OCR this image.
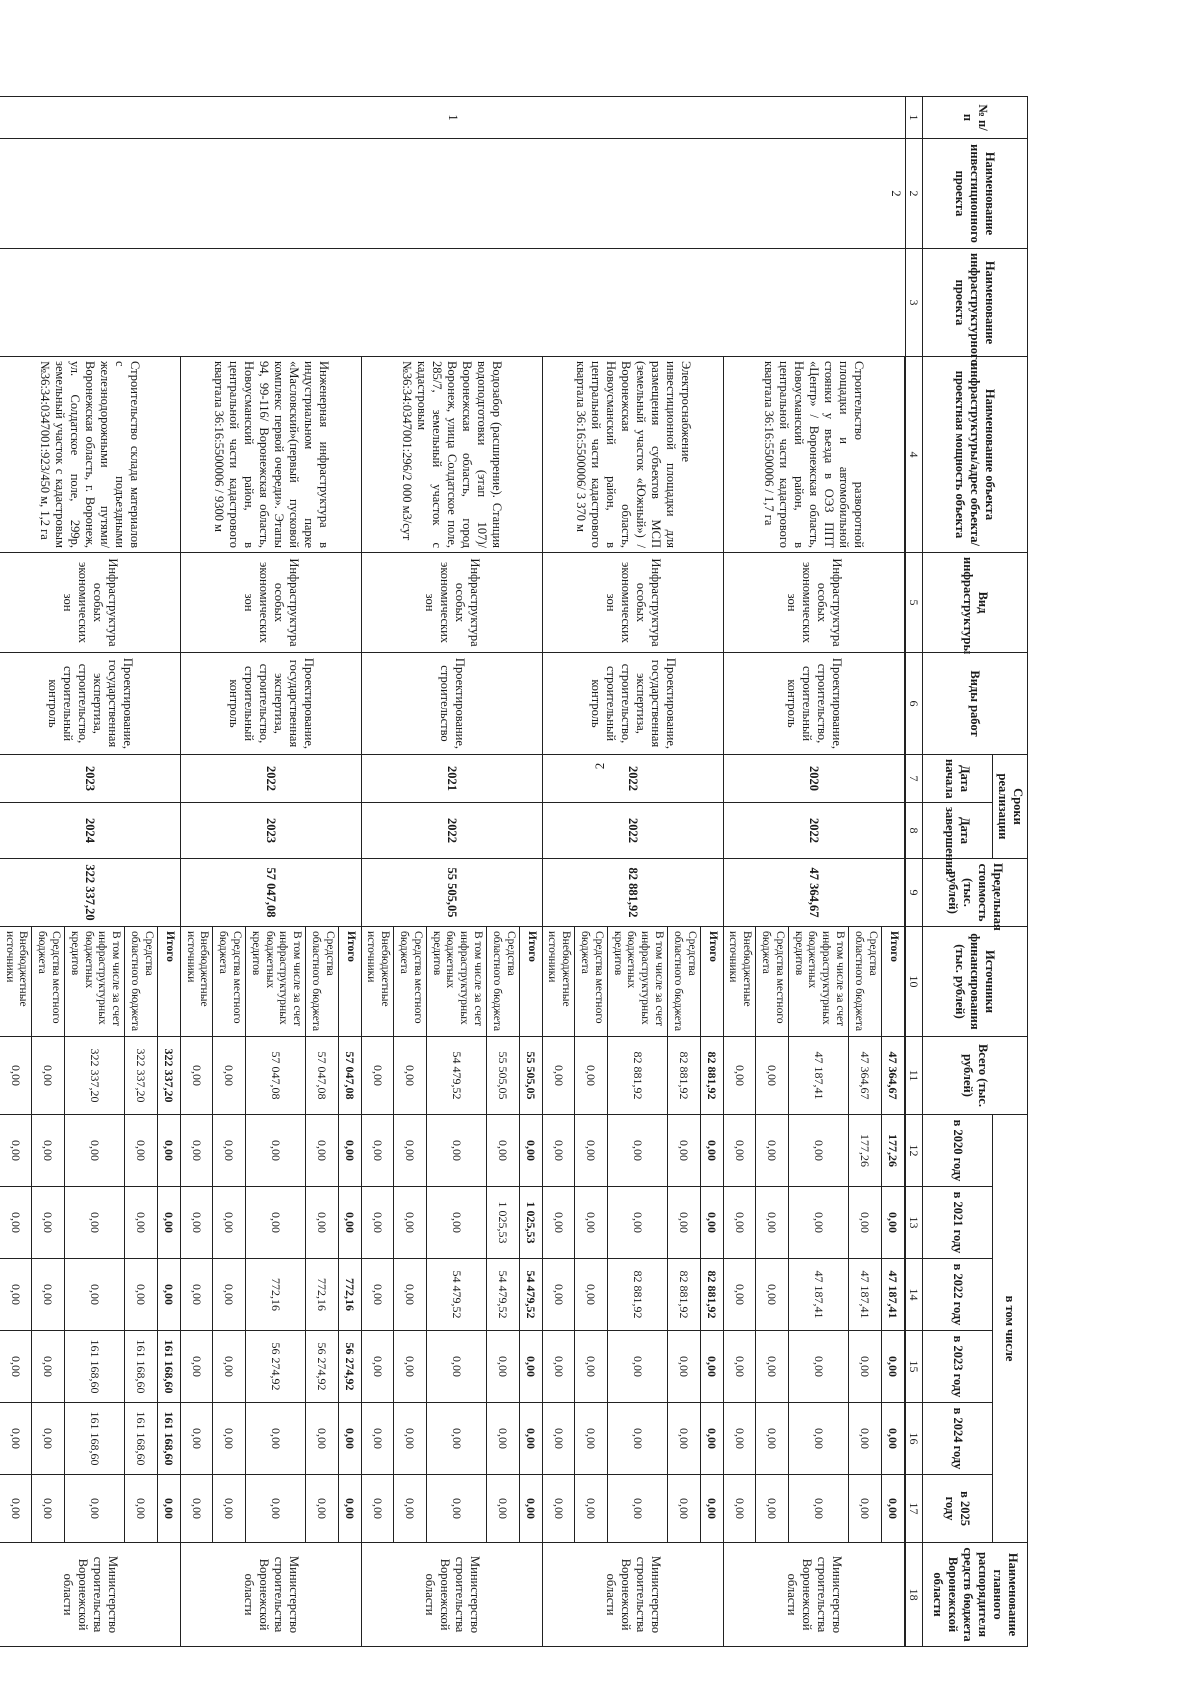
2
№ п/п	Наименование инвестиционного проекта	Наименование инфраструктурного проекта	Наименование объекта инфраструктуры/адрес объекта/проектная мощность объекта	Вид инфраструктуры	Виды работ	Сроки реализации		Предельная стоимость (тыс. рублей)	Источники финансирования (тыс. рублей)	Всего (тыс. рублей)	в том числе						Наименование главного распорядителя средств бюджета Воронежской области
						Дата начала	Дата завершения				в 2020 году	в 2021 году	в 2022 году	в 2023 году	в 2024 году	в 2025 году	

1	2	3	4	5	6	7	8	9	10	11	12	13	14	15	16	17	18
1	2																
			Строительство разворотной площадки и автомобильной стоянки у въезда в ОЭЗ ППТ «Центр» / Воронежская область, Новоусманский район, в центральной части кадастрового квартала 36:16:5500006 / 1,7 га	Инфраструктура особых экономических зон	Проектирование, строительство, строительный контроль	2020	2022	47 364,67	Итого	47 364,67	177,26	0,00	47 187,41	0,00	0,00	0,00	Министерство строительства Воронежской области
									Средства областного бюджета	47 364,67	177,26	0,00	47 187,41	0,00	0,00	0,00	
									В том числе за счет инфраструктурных бюджетных кредитов	47 187,41	0,00	0,00	47 187,41	0,00	0,00	0,00	
									Средства местного бюджета	0,00	0,00	0,00	0,00	0,00	0,00	0,00	
									Внебюджетные источники	0,00	0,00	0,00	0,00	0,00	0,00	0,00	
			Электроснабжение инвестиционной площадки для размещения субъектов МСП (земельный участок «Южный») / Воронежская область, Новоусманский район, в центральной части кадастрового квартала 36:16:5500006/ 3 370 м	Инфраструктура особых экономических зон	Проектирование, государственная экспертиза, строительство, строительный контроль	2022	2022	82 881,92	Итого	82 881,92	0,00	0,00	82 881,92	0,00	0,00	0,00	Министерство строительства Воронежской области
									Средства областного бюджета	82 881,92	0,00	0,00	82 881,92	0,00	0,00	0,00	
									В том числе за счет инфраструктурных бюджетных кредитов	82 881,92	0,00	0,00	82 881,92	0,00	0,00	0,00	
									Средства местного бюджета	0,00	0,00	0,00	0,00	0,00	0,00	0,00	
									Внебюджетные источники	0,00	0,00	0,00	0,00	0,00	0,00	0,00	
			Водозабор (расширение). Станция водоподготовки (этап 107)/Воронежская область, город Воронеж, улица Солдатское поле, 285/7, земельный участок с кадастровым №36:34:0347001:296/2 000 м3/сут	Инфраструктура особых экономических зон	Проектирование, строительство	2021	2022	55 505,05	Итого	55 505,05	0,00	1 025,53	54 479,52	0,00	0,00	0,00	Министерство строительства Воронежской области
									Средства областного бюджета	55 505,05	0,00	1 025,53	54 479,52	0,00	0,00	0,00	
									В том числе за счет инфраструктурных бюджетных кредитов	54 479,52	0,00	0,00	54 479,52	0,00	0,00	0,00	
									Средства местного бюджета	0,00	0,00	0,00	0,00	0,00	0,00	0,00	
									Внебюджетные источники	0,00	0,00	0,00	0,00	0,00	0,00	0,00	
			Инженерная инфраструктура в индустриальном парке «Масловский»(первый пусковой комплекс первой очереди». Этапы 94, 99-116/ Воронежская область, Новоусманский район, в центральной части кадастрового квартала 36:16:5500006 / 9300 м	Инфраструктура особых экономических зон	Проектирование, государственная экспертиза, строительство, строительный контроль	2022	2023	57 047,08	Итого	57 047,08	0,00	0,00	772,16	56 274,92	0,00	0,00	Министерство строительства Воронежской области
									Средства областного бюджета	57 047,08	0,00	0,00	772,16	56 274,92	0,00	0,00	
									В том числе за счет инфраструктурных бюджетных кредитов	57 047,08	0,00	0,00	772,16	56 274,92	0,00	0,00	
									Средства местного бюджета	0,00	0,00	0,00	0,00	0,00	0,00	0,00	
									Внебюджетные источники	0,00	0,00	0,00	0,00	0,00	0,00	0,00	
			Строительство склада материалов с подъездными железнодорожными путями/ Воронежская область, г. Воронеж, ул. Солдатское поле, 299р, земельный участок с кадастровым №36:34:0347001:923/450 м, 1,2 га	Инфраструктура особых экономических зон	Проектирование, государственная экспертиза, строительство, строительный контроль	2023	2024	322 337,20	Итого	322 337,20	0,00	0,00	0,00	161 168,60	161 168,60	0,00	Министерство строительства Воронежской области
									Средства областного бюджета	322 337,20	0,00	0,00	0,00	161 168,60	161 168,60	0,00	
									В том числе за счет инфраструктурных бюджетных кредитов	322 337,20	0,00	0,00	0,00	161 168,60	161 168,60	0,00	
									Средства местного бюджета	0,00	0,00	0,00	0,00	0,00	0,00	0,00	
									Внебюджетные источники	0,00	0,00	0,00	0,00	0,00	0,00	0,00	
